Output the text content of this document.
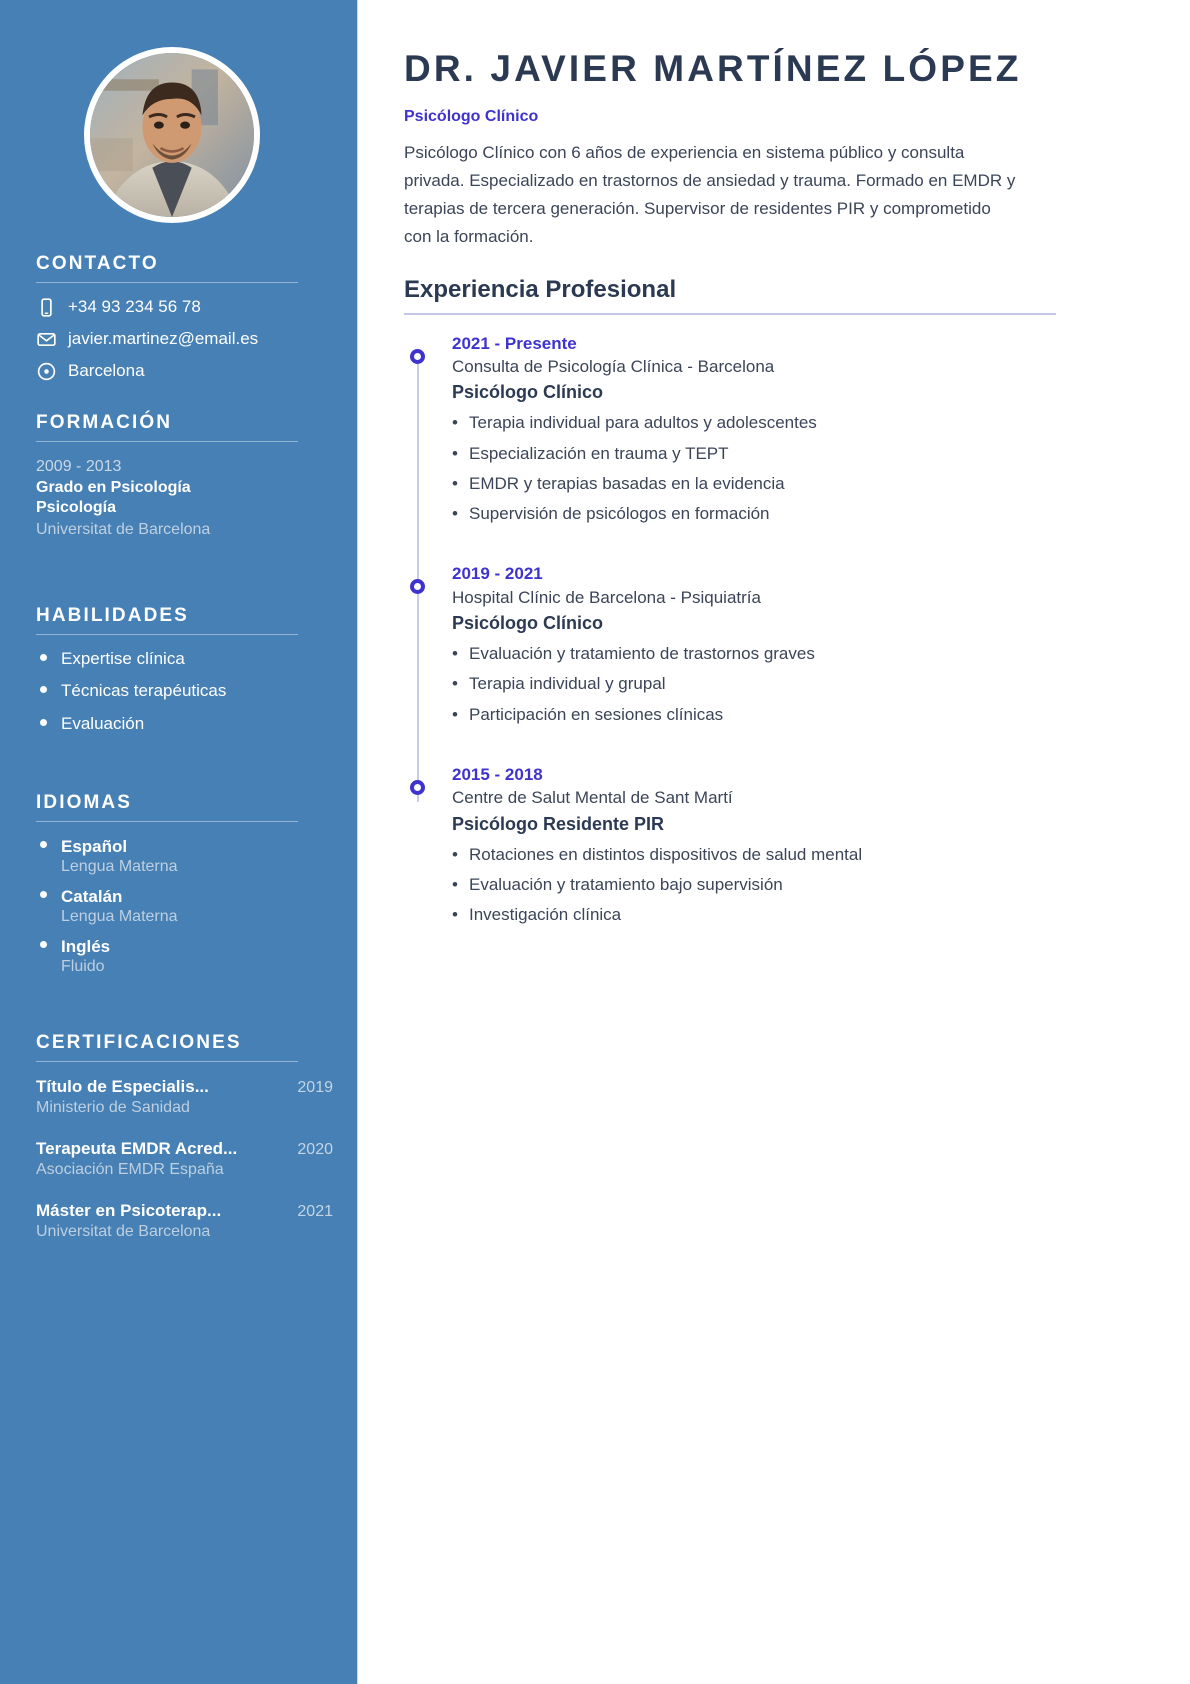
CONTACTO
+34 93 234 56 78
javier.martinez@email.es
Barcelona
FORMACIÓN
2009 - 2013
Grado en Psicología
Psicología
Universitat de Barcelona
HABILIDADES
Expertise clínica
Técnicas terapéuticas
Evaluación
IDIOMAS
Español
Lengua Materna
Catalán
Lengua Materna
Inglés
Fluido
CERTIFICACIONES
Título de Especialis...	2019
Ministerio de Sanidad
Terapeuta EMDR Acred...	2020
Asociación EMDR España
Máster en Psicoterap...	2021
Universitat de Barcelona
DR. JAVIER MARTÍNEZ LÓPEZ
Psicólogo Clínico

Psicólogo Clínico con 6 años de experiencia en sistema público y consulta privada. Especializado en trastornos de ansiedad y trauma. Formado en EMDR y terapias de tercera generación. Supervisor de residentes PIR y comprometido con la formación.

Experiencia Profesional
2021 - Presente
Consulta de Psicología Clínica - Barcelona
Psicólogo Clínico
• Terapia individual para adultos y adolescentes
• Especialización en trauma y TEPT
• EMDR y terapias basadas en la evidencia
• Supervisión de psicólogos en formación
2019 - 2021
Hospital Clínic de Barcelona - Psiquiatría
Psicólogo Clínico
• Evaluación y tratamiento de trastornos graves
• Terapia individual y grupal
• Participación en sesiones clínicas
2015 - 2018
Centre de Salut Mental de Sant Martí
Psicólogo Residente PIR
• Rotaciones en distintos dispositivos de salud mental
• Evaluación y tratamiento bajo supervisión
• Investigación clínica
